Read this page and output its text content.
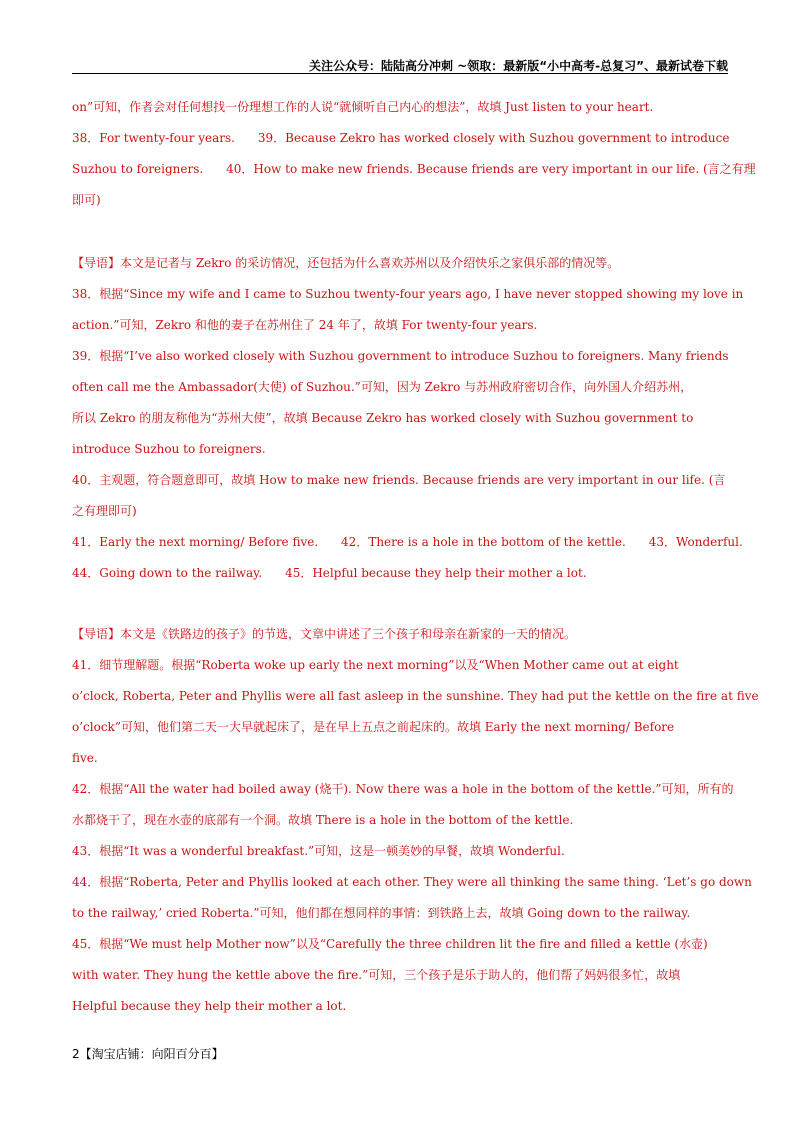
关注公众号：陆陆高分冲刺 ~领取：最新版“小中高考-总复习”、最新试卷下载

on”可知，作者会对任何想找一份理想工作的人说“就倾听自己内心的想法”，故填 Just listen to your heart.

38．For twenty-four years.      39．Because Zekro has worked closely with Suzhou government to introduce

Suzhou to foreigners.      40．How to make new friends. Because friends are very important in our life. (言之有理

即可)

【导语】本文是记者与 Zekro 的采访情况，还包括为什么喜欢苏州以及介绍快乐之家俱乐部的情况等。

38．根据“Since my wife and I came to Suzhou twenty-four years ago, I have never stopped showing my love in

action.”可知，Zekro 和他的妻子在苏州住了 24 年了，故填 For twenty-four years.

39．根据“I’ve also worked closely with Suzhou government to introduce Suzhou to foreigners. Many friends

often call me the Ambassador(大使) of Suzhou.”可知，因为 Zekro 与苏州政府密切合作，向外国人介绍苏州，

所以 Zekro 的朋友称他为“苏州大使”，故填 Because Zekro has worked closely with Suzhou government to

introduce Suzhou to foreigners.

40．主观题，符合题意即可，故填 How to make new friends. Because friends are very important in our life. (言

之有理即可)

41．Early the next morning/ Before five.      42．There is a hole in the bottom of the kettle.      43．Wonderful.

44．Going down to the railway.      45．Helpful because they help their mother a lot.

【导语】本文是《铁路边的孩子》的节选，文章中讲述了三个孩子和母亲在新家的一天的情况。

41．细节理解题。根据“Roberta woke up early the next morning”以及“When Mother came out at eight

o’clock, Roberta, Peter and Phyllis were all fast asleep in the sunshine. They had put the kettle on the fire at five

o’clock”可知，他们第二天一大早就起床了，是在早上五点之前起床的。故填 Early the next morning/ Before

five.

42．根据“All the water had boiled away (烧干). Now there was a hole in the bottom of the kettle.”可知，所有的

水都烧干了，现在水壶的底部有一个洞。故填 There is a hole in the bottom of the kettle.

43．根据“It was a wonderful breakfast.”可知，这是一顿美妙的早餐，故填 Wonderful.

44．根据“Roberta, Peter and Phyllis looked at each other. They were all thinking the same thing. ‘Let’s go down

to the railway,’ cried Roberta.”可知，他们都在想同样的事情：到铁路上去，故填 Going down to the railway.

45．根据“We must help Mother now”以及“Carefully the three children lit the fire and filled a kettle (水壶)

with water. They hung the kettle above the fire.”可知，三个孩子是乐于助人的，他们帮了妈妈很多忙，故填

Helpful because they help their mother a lot.

2【淘宝店铺：向阳百分百】
